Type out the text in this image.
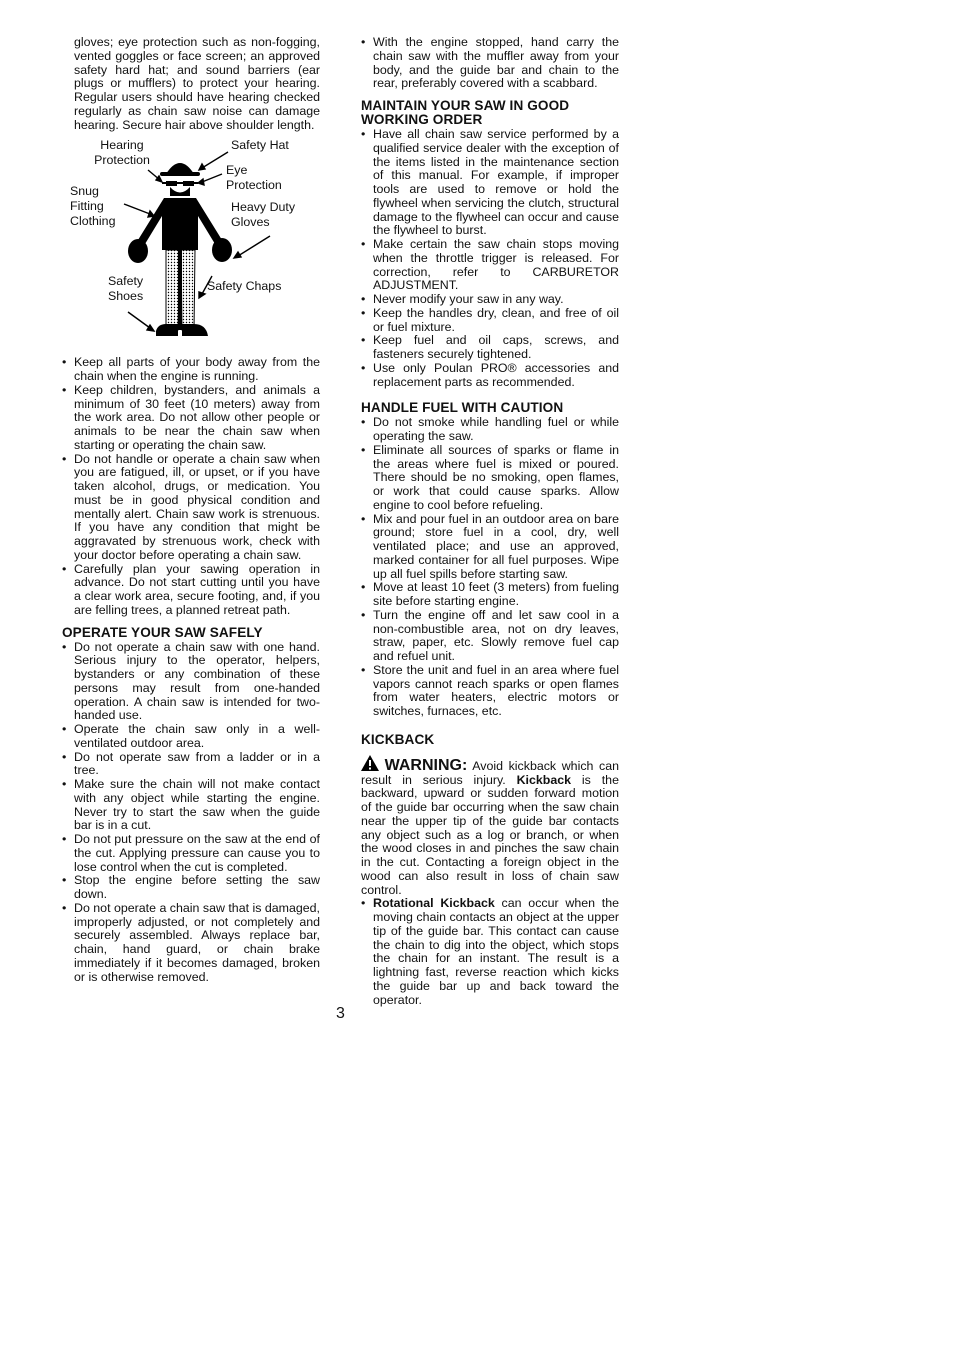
gloves; eye protection such as non-fogging, vented goggles or face screen; an approved safety hard hat; and sound barriers (ear plugs or mufflers) to protect your hearing. Regular users should have hearing checked regularly as chain saw noise can damage hearing. Secure hair above shoulder length.

Hearing Protection
Safety Hat
Eye Protection
Snug Fitting Clothing
Heavy Duty Gloves
Safety Shoes
Safety Chaps
• Keep all parts of your body away from the chain when the engine is running.
• Keep children, bystanders, and animals a minimum of 30 feet (10 meters) away from the work area. Do not allow other people or animals to be near the chain saw when starting or operating the chain saw.
• Do not handle or operate a chain saw when you are fatigued, ill, or upset, or if you have taken alcohol, drugs, or medication. You must be in good physical condition and mentally alert. Chain saw work is strenuous. If you have any condition that might be aggravated by strenuous work, check with your doctor before operating a chain saw.
• Carefully plan your sawing operation in advance. Do not start cutting until you have a clear work area, secure footing, and, if you are felling trees, a planned retreat path.
OPERATE YOUR SAW SAFELY
• Do not operate a chain saw with one hand. Serious injury to the operator, helpers, bystanders or any combination of these persons may result from one-handed operation. A chain saw is intended for two-handed use.
• Operate the chain saw only in a well-ventilated outdoor area.
• Do not operate saw from a ladder or in a tree.
• Make sure the chain will not make contact with any object while starting the engine. Never try to start the saw when the guide bar is in a cut.
• Do not put pressure on the saw at the end of the cut. Applying pressure can cause you to lose control when the cut is completed.
• Stop the engine before setting the saw down.
• Do not operate a chain saw that is damaged, improperly adjusted, or not completely and securely assembled. Always replace bar, chain, hand guard, or chain brake immediately if it becomes damaged, broken or is otherwise removed.
• With the engine stopped, hand carry the chain saw with the muffler away from your body, and the guide bar and chain to the rear, preferably covered with a scabbard.
MAINTAIN YOUR SAW IN GOOD WORKING ORDER
• Have all chain saw service performed by a qualified service dealer with the exception of the items listed in the maintenance section of this manual. For example, if improper tools are used to remove or hold the flywheel when servicing the clutch, structural damage to the flywheel can occur and cause the flywheel to burst.
• Make certain the saw chain stops moving when the throttle trigger is released. For correction, refer to CARBURETOR ADJUSTMENT.
• Never modify your saw in any way.
• Keep the handles dry, clean, and free of oil or fuel mixture.
• Keep fuel and oil caps, screws, and fasteners securely tightened.
• Use only Poulan PRO® accessories and replacement parts as recommended.
HANDLE FUEL WITH CAUTION
• Do not smoke while handling fuel or while operating the saw.
• Eliminate all sources of sparks or flame in the areas where fuel is mixed or poured. There should be no smoking, open flames, or work that could cause sparks. Allow engine to cool before refueling.
• Mix and pour fuel in an outdoor area on bare ground; store fuel in a cool, dry, well ventilated place; and use an approved, marked container for all fuel purposes. Wipe up all fuel spills before starting saw.
• Move at least 10 feet (3 meters) from fueling site before starting engine.
• Turn the engine off and let saw cool in a non-combustible area, not on dry leaves, straw, paper, etc. Slowly remove fuel cap and refuel unit.
• Store the unit and fuel in an area where fuel vapors cannot reach sparks or open flames from water heaters, electric motors or switches, furnaces, etc.
KICKBACK

WARNING: Avoid kickback which can result in serious injury. Kickback is the backward, upward or sudden forward motion of the guide bar occurring when the saw chain near the upper tip of the guide bar contacts any object such as a log or branch, or when the wood closes in and pinches the saw chain in the cut. Contacting a foreign object in the wood can also result in loss of chain saw control.

• Rotational Kickback can occur when the moving chain contacts an object at the upper tip of the guide bar. This contact can cause the chain to dig into the object, which stops the chain for an instant. The result is a lightning fast, reverse reaction which kicks the guide bar up and back toward the operator.
3
